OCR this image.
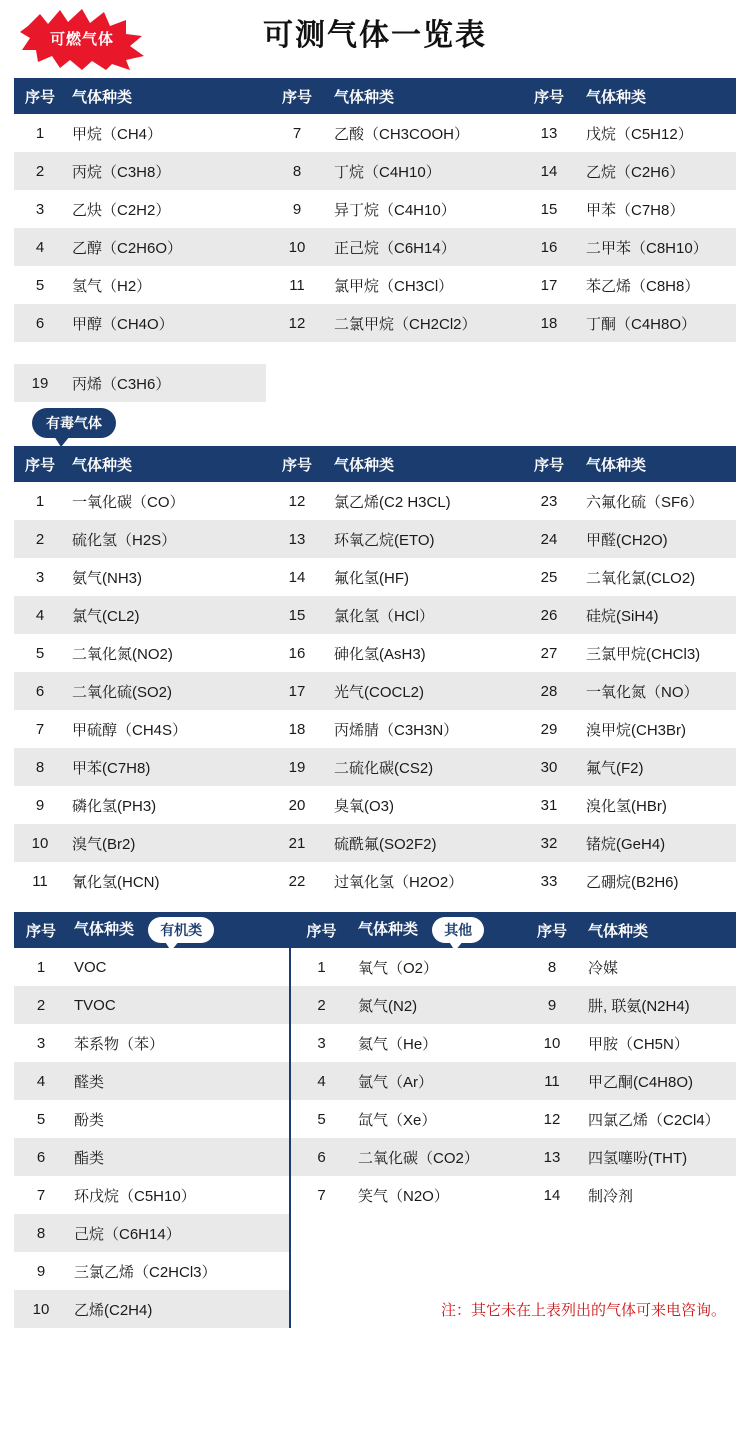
可燃气体	可测气体一览表
序号	气体种类	序号	气体种类	序号	气体种类
1	甲烷（CH4）	7	乙酸（CH3COOH）	13	戊烷（C5H12）
2	丙烷（C3H8）	8	丁烷（C4H10）	14	乙烷（C2H6）
3	乙炔（C2H2）	9	异丁烷（C4H10）	15	甲苯（C7H8）
4	乙醇（C2H6O）	10	正己烷（C6H14）	16	二甲苯（C8H10）
5	氢气（H2）	11	氯甲烷（CH3Cl）	17	苯乙烯（C8H8）
6	甲醇（CH4O）	12	二氯甲烷（CH2Cl2）	18	丁酮（C4H8O）

19	丙烯（C3H6）				
有毒气体
序号	气体种类	序号	气体种类	序号	气体种类
1	一氧化碳（CO）	12	氯乙烯(C2 H3CL)	23	六氟化硫（SF6）
2	硫化氢（H2S）	13	环氧乙烷(ETO)	24	甲醛(CH2O)
3	氨气(NH3)	14	氟化氢(HF)	25	二氧化氯(CLO2)
4	氯气(CL2)	15	氯化氢（HCl）	26	硅烷(SiH4)
5	二氧化氮(NO2)	16	砷化氢(AsH3)	27	三氯甲烷(CHCl3)
6	二氧化硫(SO2)	17	光气(COCL2)	28	一氧化氮（NO）
7	甲硫醇（CH4S）	18	丙烯腈（C3H3N）	29	溴甲烷(CH3Br)
8	甲苯(C7H8)	19	二硫化碳(CS2)	30	氟气(F2)
9	磷化氢(PH3)	20	臭氧(O3)	31	溴化氢(HBr)
10	溴气(Br2)	21	硫酰氟(SO2F2)	32	锗烷(GeH4)
11	氰化氢(HCN)	22	过氧化氢（H2O2）	33	乙硼烷(B2H6)
序号	气体种类 有机类	序号	气体种类 其他	序号	气体种类
1	VOC	1	氧气（O2）	8	冷媒
2	TVOC	2	氮气(N2)	9	肼, 联氨(N2H4)
3	苯系物（苯）	3	氦气（He）	10	甲胺（CH5N）
4	醛类	4	氩气（Ar）	11	甲乙酮(C4H8O)
5	酚类	5	氙气（Xe）	12	四氯乙烯（C2Cl4）
6	酯类	6	二氧化碳（CO2）	13	四氢噻吩(THT)
7	环戊烷（C5H10）	7	笑气（N2O）	14	制冷剂
8	己烷（C6H14）				
9	三氯乙烯（C2HCl3）				
10	乙烯(C2H4)		注：其它未在上表列出的气体可来电咨询。		
